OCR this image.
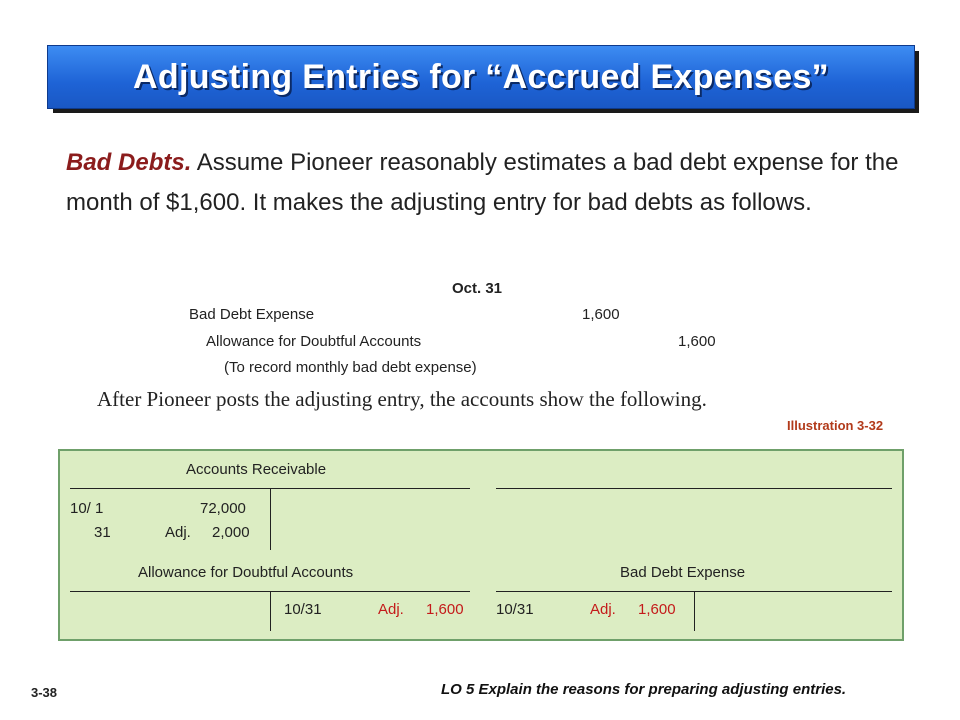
Adjusting Entries for “Accrued Expenses”
Bad Debts. Assume Pioneer reasonably estimates a bad debt expense for the month of $1,600. It makes the adjusting entry for bad debts as follows.
Oct. 31
Bad Debt Expense	1,600
Allowance for Doubtful Accounts	1,600
(To record monthly bad debt expense)
After Pioneer posts the adjusting entry, the accounts show the following.
Illustration 3-32
Accounts Receivable
10/ 1	72,000
31	Adj. 2,000
Allowance for Doubtful Accounts
10/31	Adj. 1,600
Bad Debt Expense
10/31	Adj. 1,600
3-38	LO 5 Explain the reasons for preparing adjusting entries.
